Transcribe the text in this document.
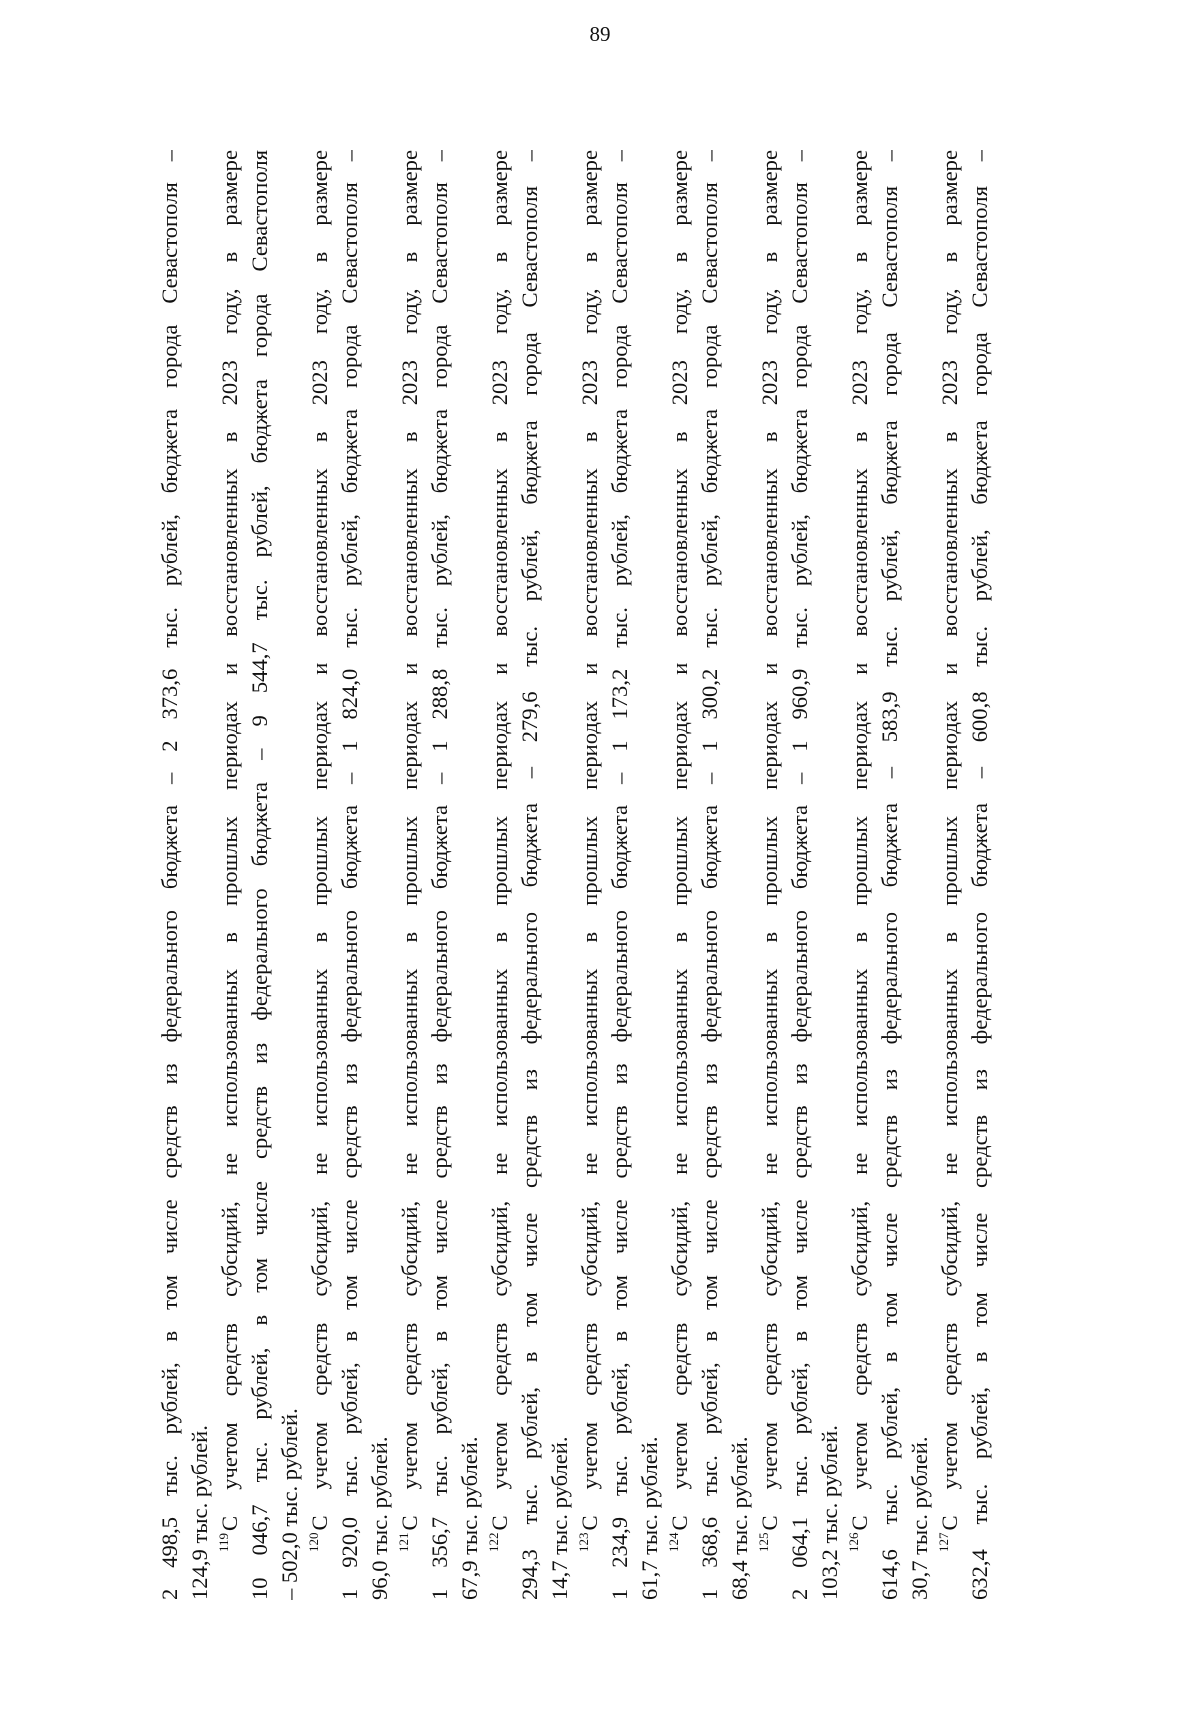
89
2 498,5 тыс. рублей, в том числе средств из федерального бюджета – 2 373,6 тыс. рублей, бюджета города Севастополя – 124,9 тыс. рублей. $^{119}$С учетом средств субсидий, не использованных в прошлых периодах и восстановленных в 2023 году, в размере 10 046,7 тыс. рублей, в том числе средств из федерального бюджета – 9 544,7 тыс. рублей, бюджета города Севастополя – 502,0 тыс. рублей. $^{120}$С учетом средств субсидий, не использованных в прошлых периодах и восстановленных в 2023 году, в размере 1 920,0 тыс. рублей, в том числе средств из федерального бюджета – 1 824,0 тыс. рублей, бюджета города Севастополя – 96,0 тыс. рублей. $^{121}$С учетом средств субсидий, не использованных в прошлых периодах и восстановленных в 2023 году, в размере 1 356,7 тыс. рублей, в том числе средств из федерального бюджета – 1 288,8 тыс. рублей, бюджета города Севастополя – 67,9 тыс. рублей. $^{122}$С учетом средств субсидий, не использованных в прошлых периодах и восстановленных в 2023 году, в размере 294,3 тыс. рублей, в том числе средств из федерального бюджета – 279,6 тыс. рублей, бюджета города Севастополя – 14,7 тыс. рублей. $^{123}$С учетом средств субсидий, не использованных в прошлых периодах и восстановленных в 2023 году, в размере 1 234,9 тыс. рублей, в том числе средств из федерального бюджета – 1 173,2 тыс. рублей, бюджета города Севастополя – 61,7 тыс. рублей. $^{124}$С учетом средств субсидий, не использованных в прошлых периодах и восстановленных в 2023 году, в размере 1 368,6 тыс. рублей, в том числе средств из федерального бюджета – 1 300,2 тыс. рублей, бюджета города Севастополя – 68,4 тыс. рублей. $^{125}$С учетом средств субсидий, не использованных в прошлых периодах и восстановленных в 2023 году, в размере 2 064,1 тыс. рублей, в том числе средств из федерального бюджета – 1 960,9 тыс. рублей, бюджета города Севастополя – 103,2 тыс. рублей. $^{126}$С учетом средств субсидий, не использованных в прошлых периодах и восстановленных в 2023 году, в размере 614,6 тыс. рублей, в том числе средств из федерального бюджета – 583,9 тыс. рублей, бюджета города Севастополя – 30,7 тыс. рублей. $^{127}$С учетом средств субсидий, не использованных в прошлых периодах и восстановленных в 2023 году, в размере 632,4 тыс. рублей, в том числе средств из федерального бюджета – 600,8 тыс. рублей, бюджета города Севастополя –
